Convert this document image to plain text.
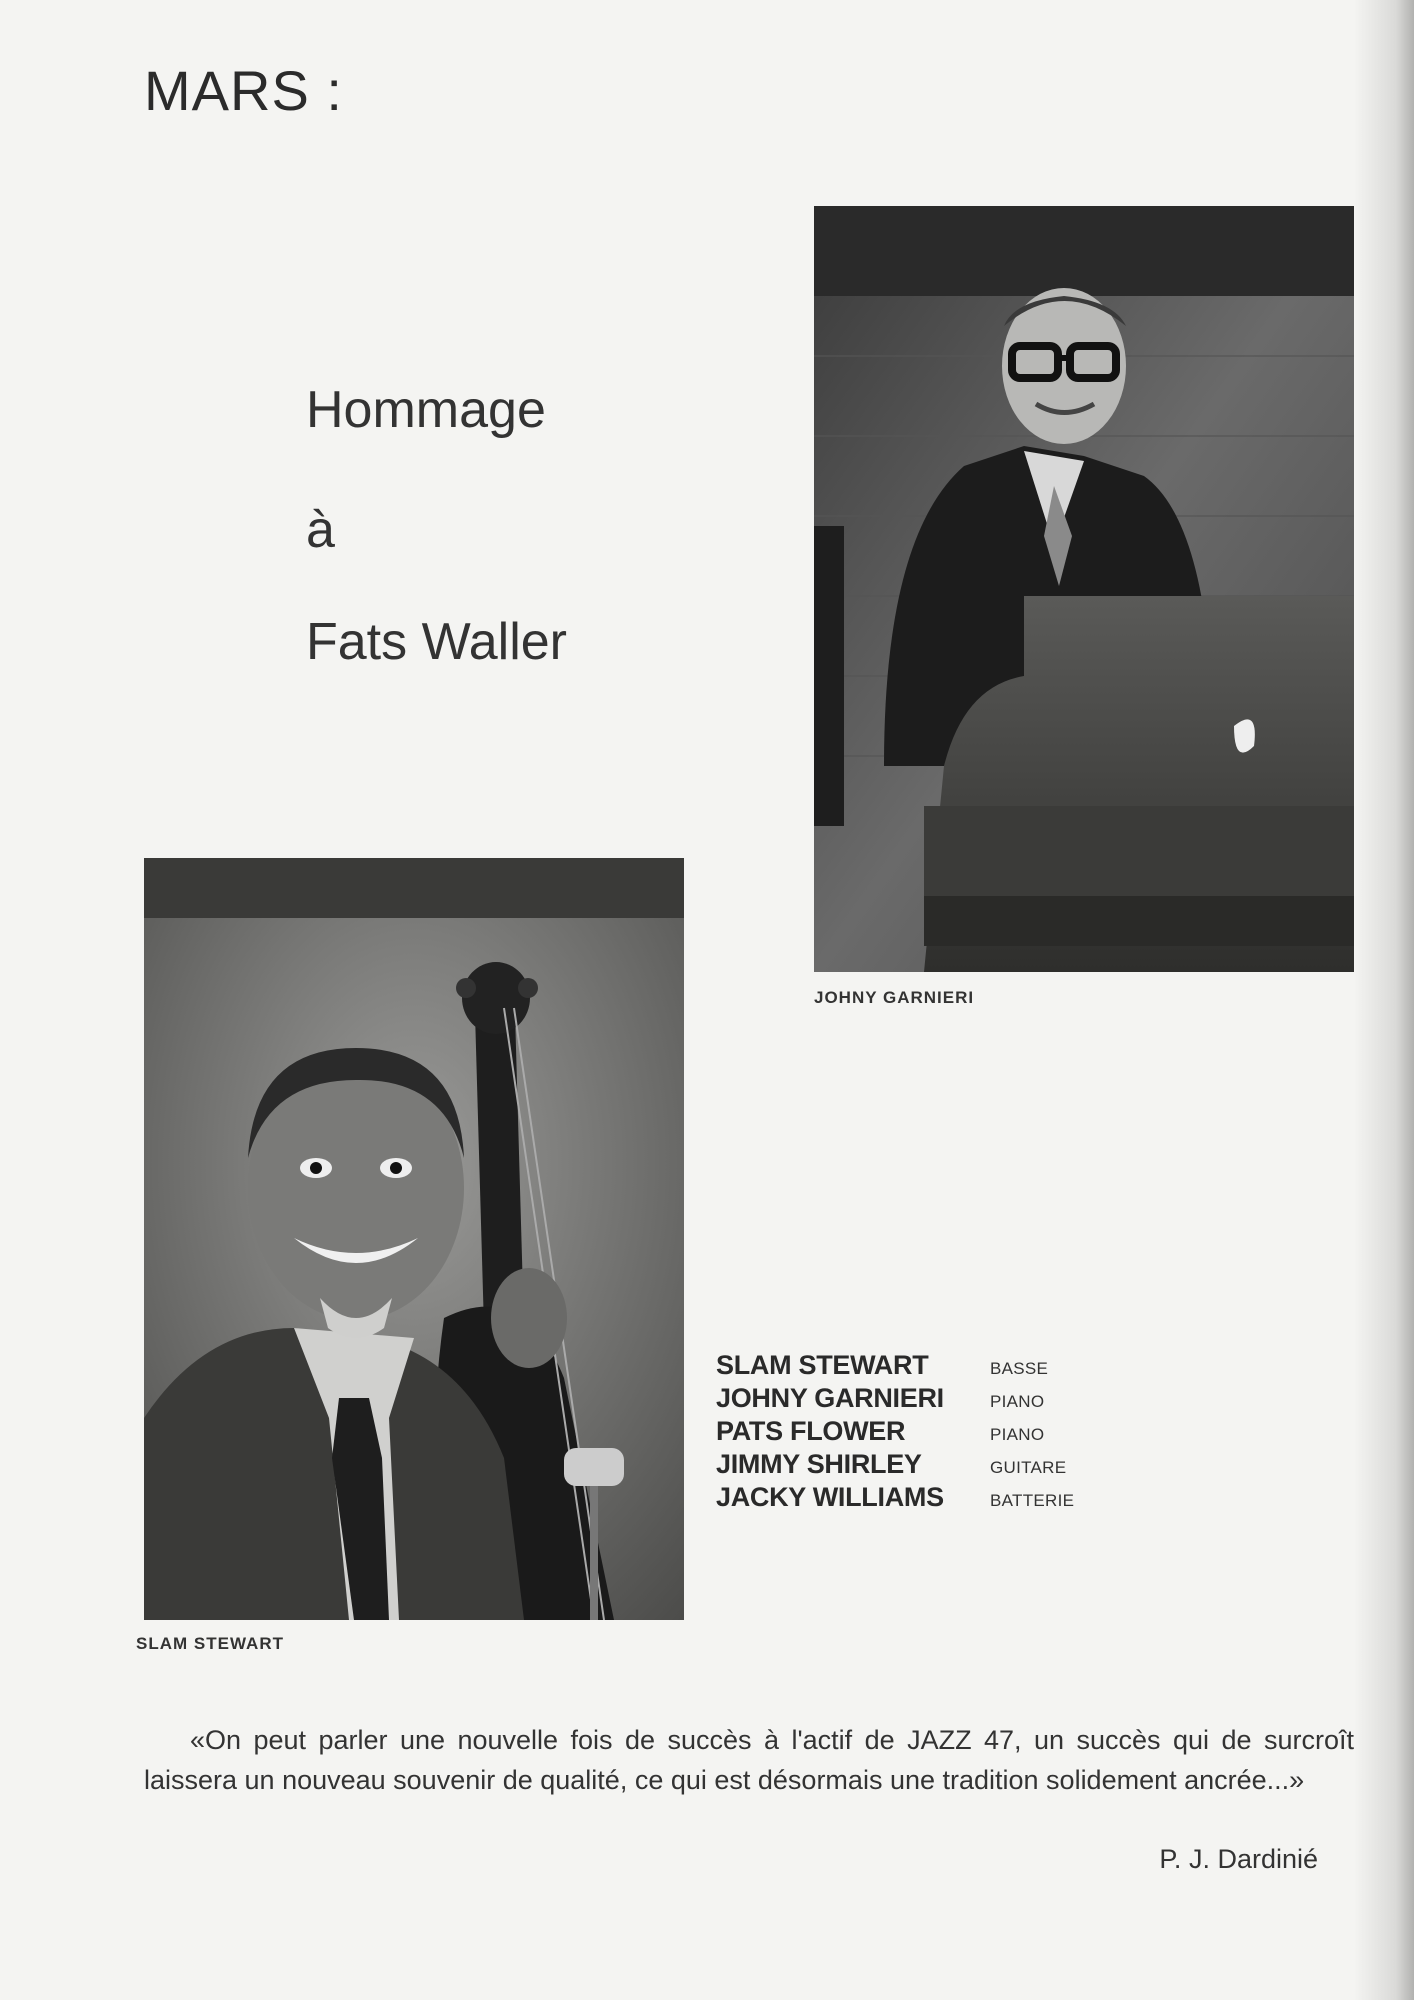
MARS :
Hommage
à
Fats Waller
JOHNY GARNIERI
SLAM STEWART
SLAM STEWART	BASSE
JOHNY GARNIERI	PIANO
PATS FLOWER	PIANO
JIMMY SHIRLEY	GUITARE
JACKY WILLIAMS	BATTERIE
«On peut parler une nouvelle fois de succès à l'actif de JAZZ 47, un succès qui de surcroît laissera un nouveau souvenir de qualité, ce qui est désormais une tradition solidement ancrée...»
P. J. Dardinié
